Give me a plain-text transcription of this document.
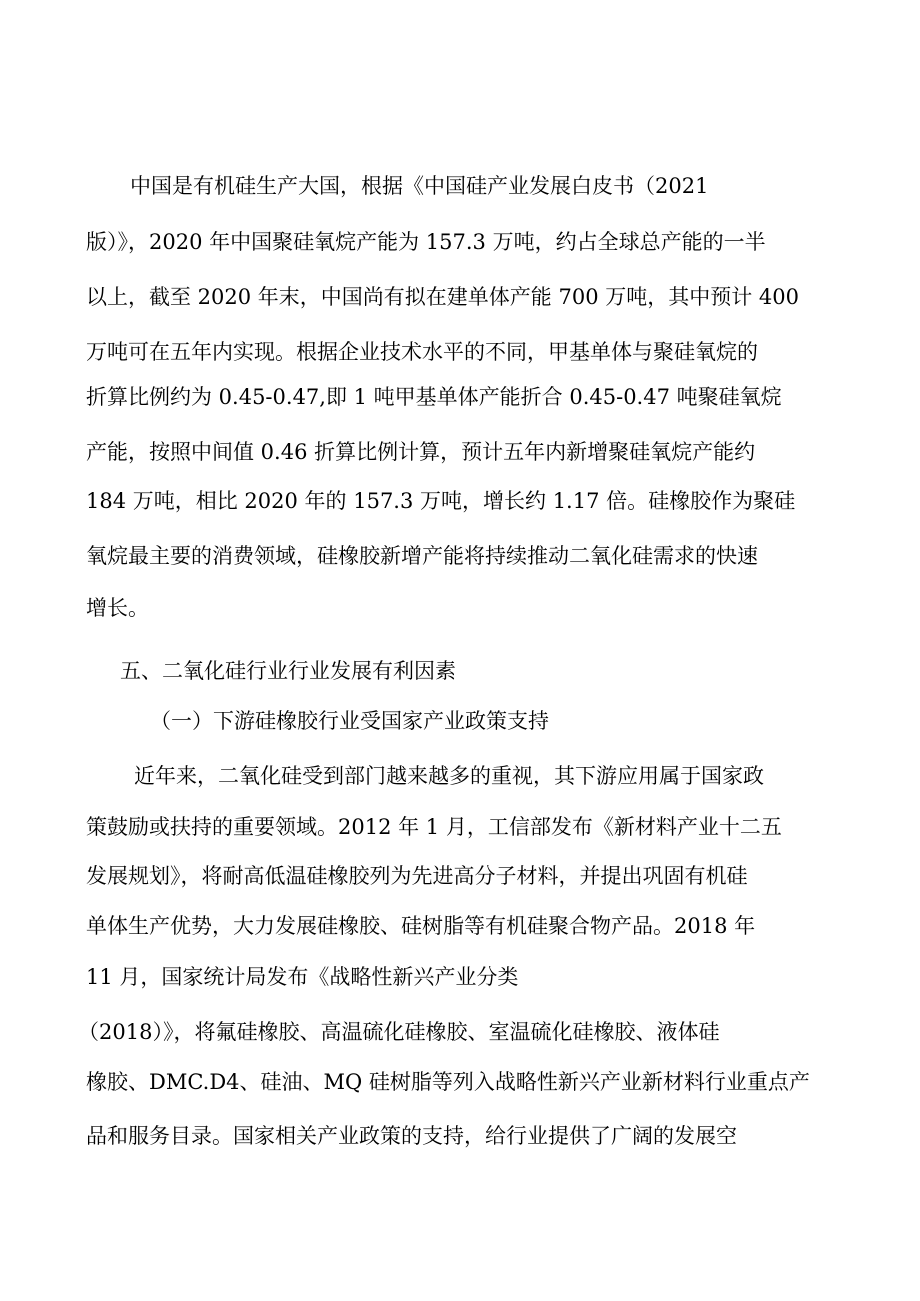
中国是有机硅生产大国，根据《中国硅产业发展白皮书（2021
版）》，2020 年中国聚硅氧烷产能为 157.3 万吨，约占全球总产能的一半
以上，截至 2020 年末，中国尚有拟在建单体产能 700 万吨，其中预计 400
万吨可在五年内实现。根据企业技术水平的不同，甲基单体与聚硅氧烷的
折算比例约为 0.45-0.47,即 1 吨甲基单体产能折合 0.45-0.47 吨聚硅氧烷
产能，按照中间值 0.46 折算比例计算，预计五年内新增聚硅氧烷产能约
184 万吨，相比 2020 年的 157.3 万吨，增长约 1.17 倍。硅橡胶作为聚硅
氧烷最主要的消费领域，硅橡胶新增产能将持续推动二氧化硅需求的快速
增长。
五、二氧化硅行业行业发展有利因素
（一）下游硅橡胶行业受国家产业政策支持
近年来，二氧化硅受到部门越来越多的重视，其下游应用属于国家政
策鼓励或扶持的重要领域。2012 年 1 月，工信部发布《新材料产业十二五
发展规划》，将耐高低温硅橡胶列为先进高分子材料，并提出巩固有机硅
单体生产优势，大力发展硅橡胶、硅树脂等有机硅聚合物产品。2018 年
11 月，国家统计局发布《战略性新兴产业分类
（2018）》，将氟硅橡胶、高温硫化硅橡胶、室温硫化硅橡胶、液体硅
橡胶、DMC.D4、硅油、MQ 硅树脂等列入战略性新兴产业新材料行业重点产
品和服务目录。国家相关产业政策的支持，给行业提供了广阔的发展空
